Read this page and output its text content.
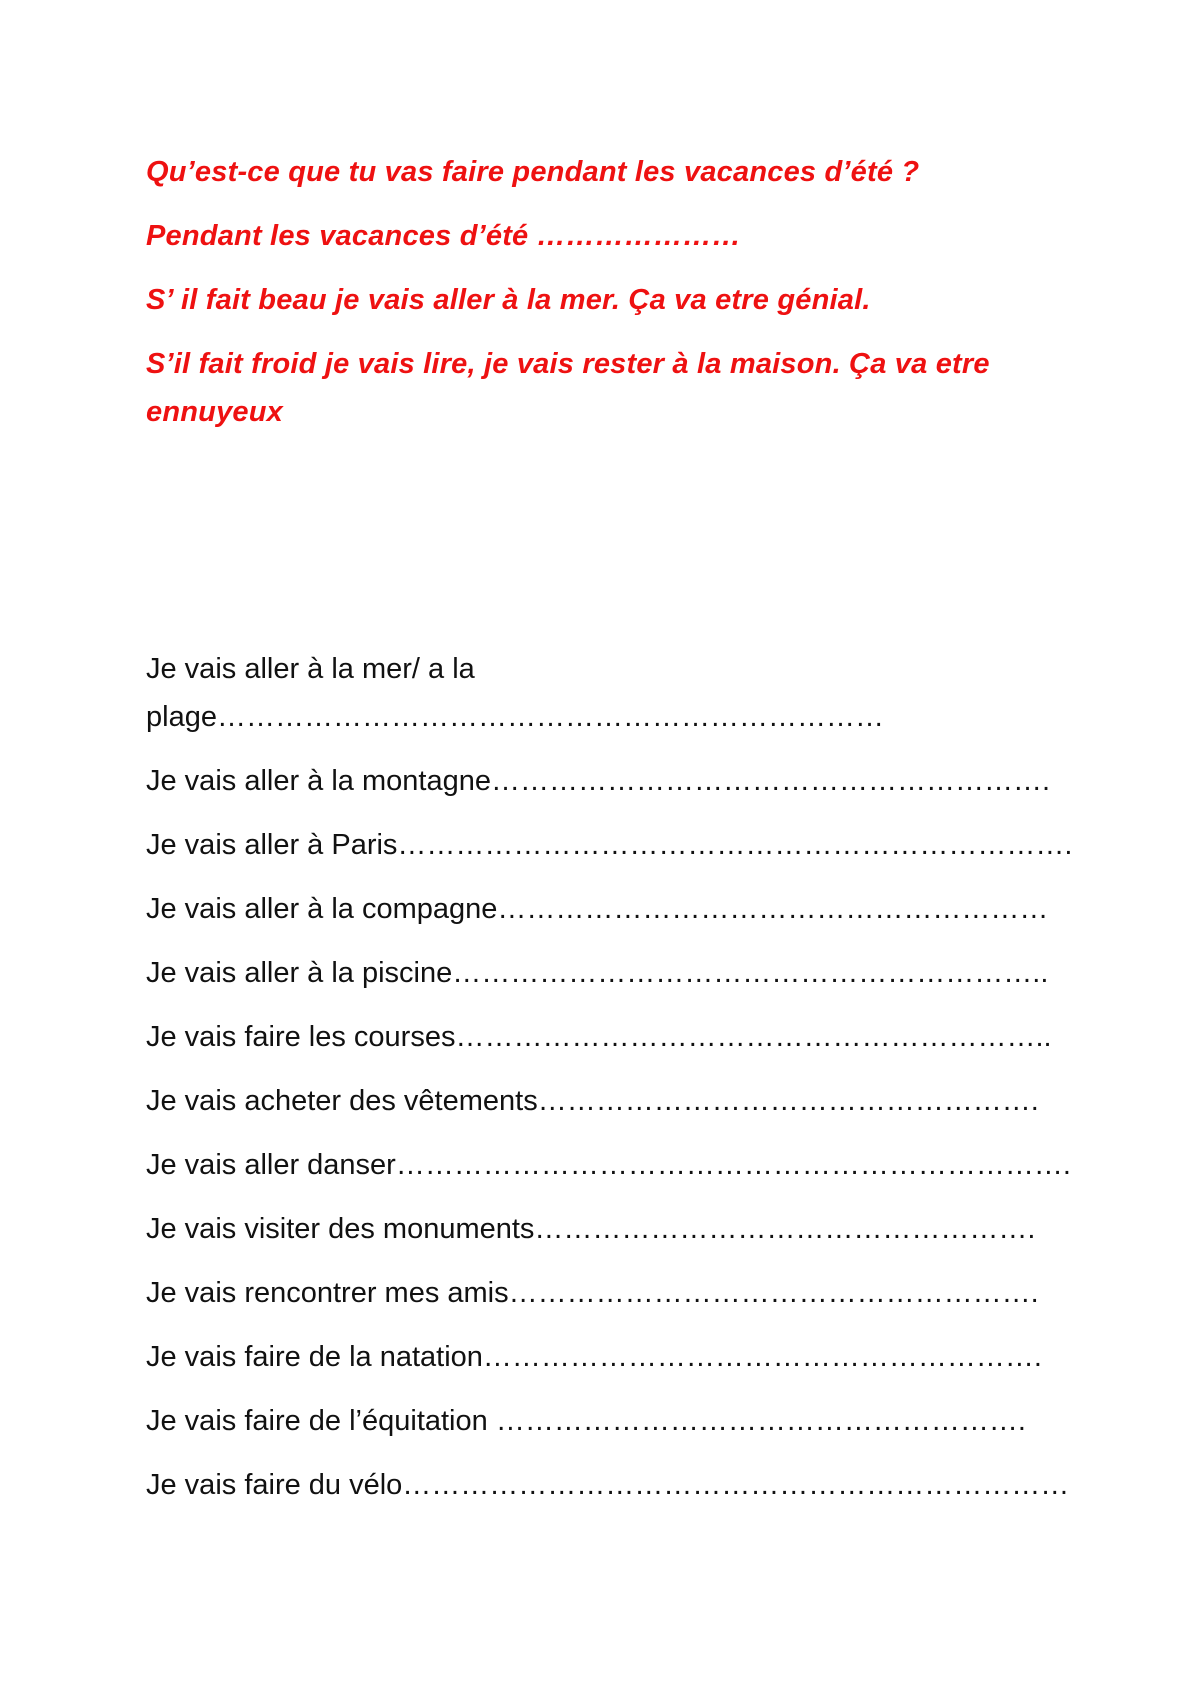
Qu’est-ce que tu vas faire pendant les vacances d’été ?

Pendant les vacances d’été …………………

S’ il fait beau je vais aller à la mer. Ça va etre génial.

S’il fait froid je vais lire, je vais rester à la maison. Ça va etre ennuyeux

Je vais aller à la mer/ a la
plage……………………………………………………………
Je vais aller à la montagne………………………………………………….
Je vais aller à Paris…………………………………………………………….
Je vais aller à la compagne…………………………………………………
Je vais aller à la piscine……………………………………………………..
Je vais faire les courses……………………………………………………..
Je vais acheter des vêtements…………………………………………….
Je vais aller danser…………………………………………………………….
Je vais visiter des monuments…………………………………………….
Je vais rencontrer mes amis……………………………………………….
Je vais faire de la natation………………………………………………….
Je vais faire de l’équitation ……………………………………………….
Je vais faire du vélo……………………………………………………………
